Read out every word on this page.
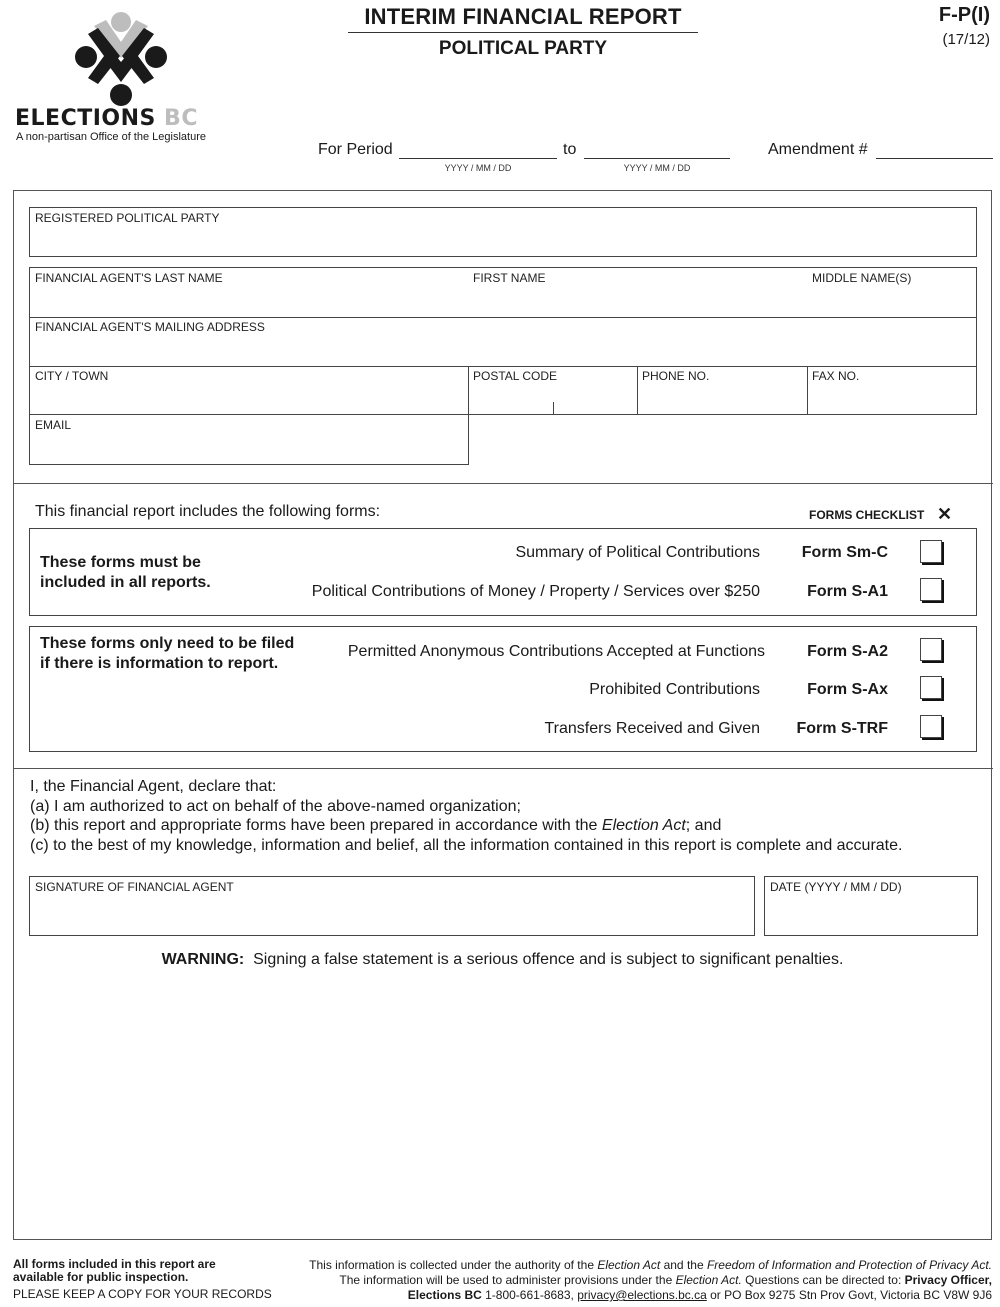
ELECTIONS BC
A non-partisan Office of the Legislature
INTERIM FINANCIAL REPORT
POLITICAL PARTY
F-P(I)
(17/12)
For Period
YYYY / MM / DD
to
YYYY / MM / DD
Amendment #
REGISTERED POLITICAL PARTY
FINANCIAL AGENT'S LAST NAME	FIRST NAME	MIDDLE NAME(S)
FINANCIAL AGENT'S MAILING ADDRESS
CITY / TOWN	POSTAL CODE	PHONE NO.	FAX NO.
EMAIL
This financial report includes the following forms:	FORMS CHECKLIST ✕
These forms must be
included in all reports.
Summary of Political Contributions	Form Sm-C
Political Contributions of Money / Property / Services over $250	Form S-A1
These forms only need to be filed
if there is information to report.
Permitted Anonymous Contributions Accepted at Functions	Form S-A2
Prohibited Contributions	Form S-Ax
Transfers Received and Given	Form S-TRF
I, the Financial Agent, declare that:
(a) I am authorized to act on behalf of the above-named organization;
(b) this report and appropriate forms have been prepared in accordance with the Election Act; and
(c) to the best of my knowledge, information and belief, all the information contained in this report is complete and accurate.
SIGNATURE OF FINANCIAL AGENT	DATE (YYYY / MM / DD)
WARNING: Signing a false statement is a serious offence and is subject to significant penalties.
All forms included in this report are
available for public inspection.
PLEASE KEEP A COPY FOR YOUR RECORDS
This information is collected under the authority of the Election Act and the Freedom of Information and Protection of Privacy Act.
The information will be used to administer provisions under the Election Act. Questions can be directed to: Privacy Officer,
Elections BC 1-800-661-8683, privacy@elections.bc.ca or PO Box 9275 Stn Prov Govt, Victoria BC V8W 9J6
